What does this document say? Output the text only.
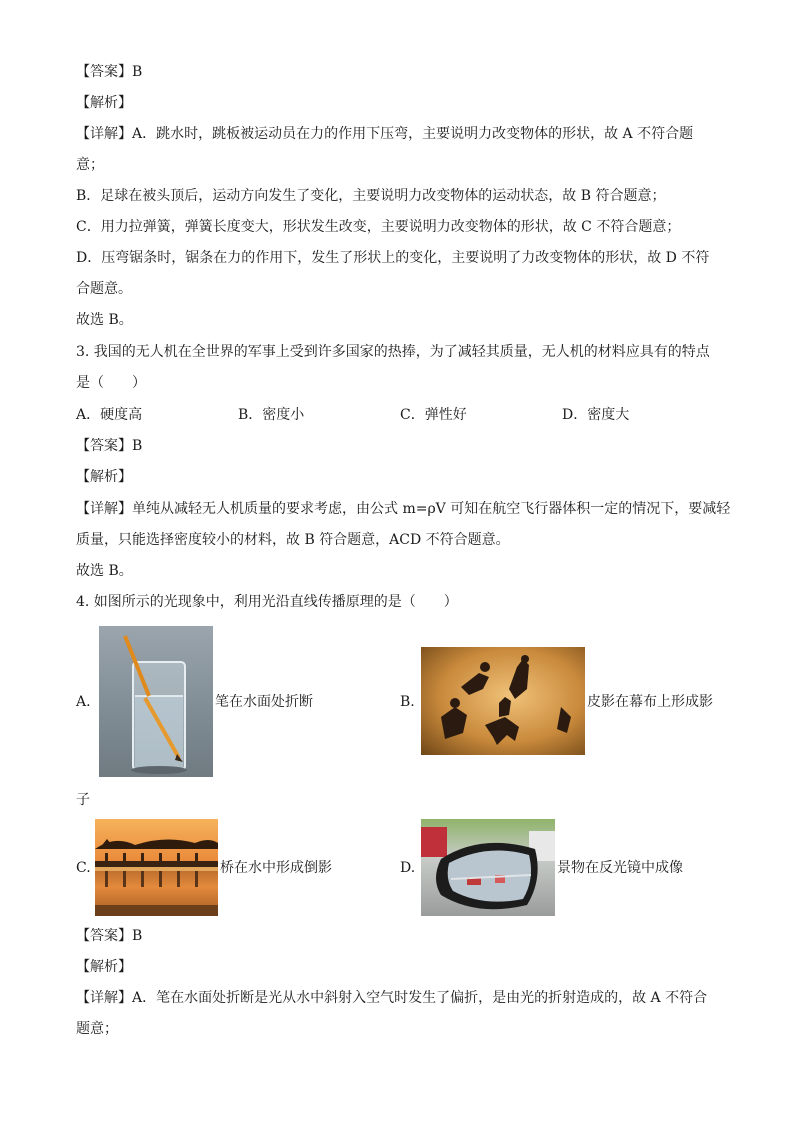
【答案】B
【解析】
【详解】A．跳水时，跳板被运动员在力的作用下压弯，主要说明力改变物体的形状，故 A 不符合题
意；
B．足球在被头顶后，运动方向发生了变化，主要说明力改变物体的运动状态，故 B 符合题意；
C．用力拉弹簧，弹簧长度变大，形状发生改变，主要说明力改变物体的形状，故 C 不符合题意；
D．压弯锯条时，锯条在力的作用下，发生了形状上的变化，主要说明了力改变物体的形状，故 D 不符
合题意。
故选 B。
3. 我国的无人机在全世界的军事上受到许多国家的热捧，为了减轻其质量，无人机的材料应具有的特点
是（　　）
A．硬度高	B．密度小	C．弹性好	D．密度大
【答案】B
【解析】
【详解】单纯从减轻无人机质量的要求考虑，由公式 m=ρV 可知在航空飞行器体积一定的情况下，要减轻
质量，只能选择密度较小的材料，故 B 符合题意，ACD 不符合题意。
故选 B。
4. 如图所示的光现象中，利用光沿直线传播原理的是（　　）
A.	笔在水面处折断	B.	皮影在幕布上形成影
子
C.	桥在水中形成倒影	D.	景物在反光镜中成像
【答案】B
【解析】
【详解】A．笔在水面处折断是光从水中斜射入空气时发生了偏折，是由光的折射造成的，故 A 不符合
题意；
